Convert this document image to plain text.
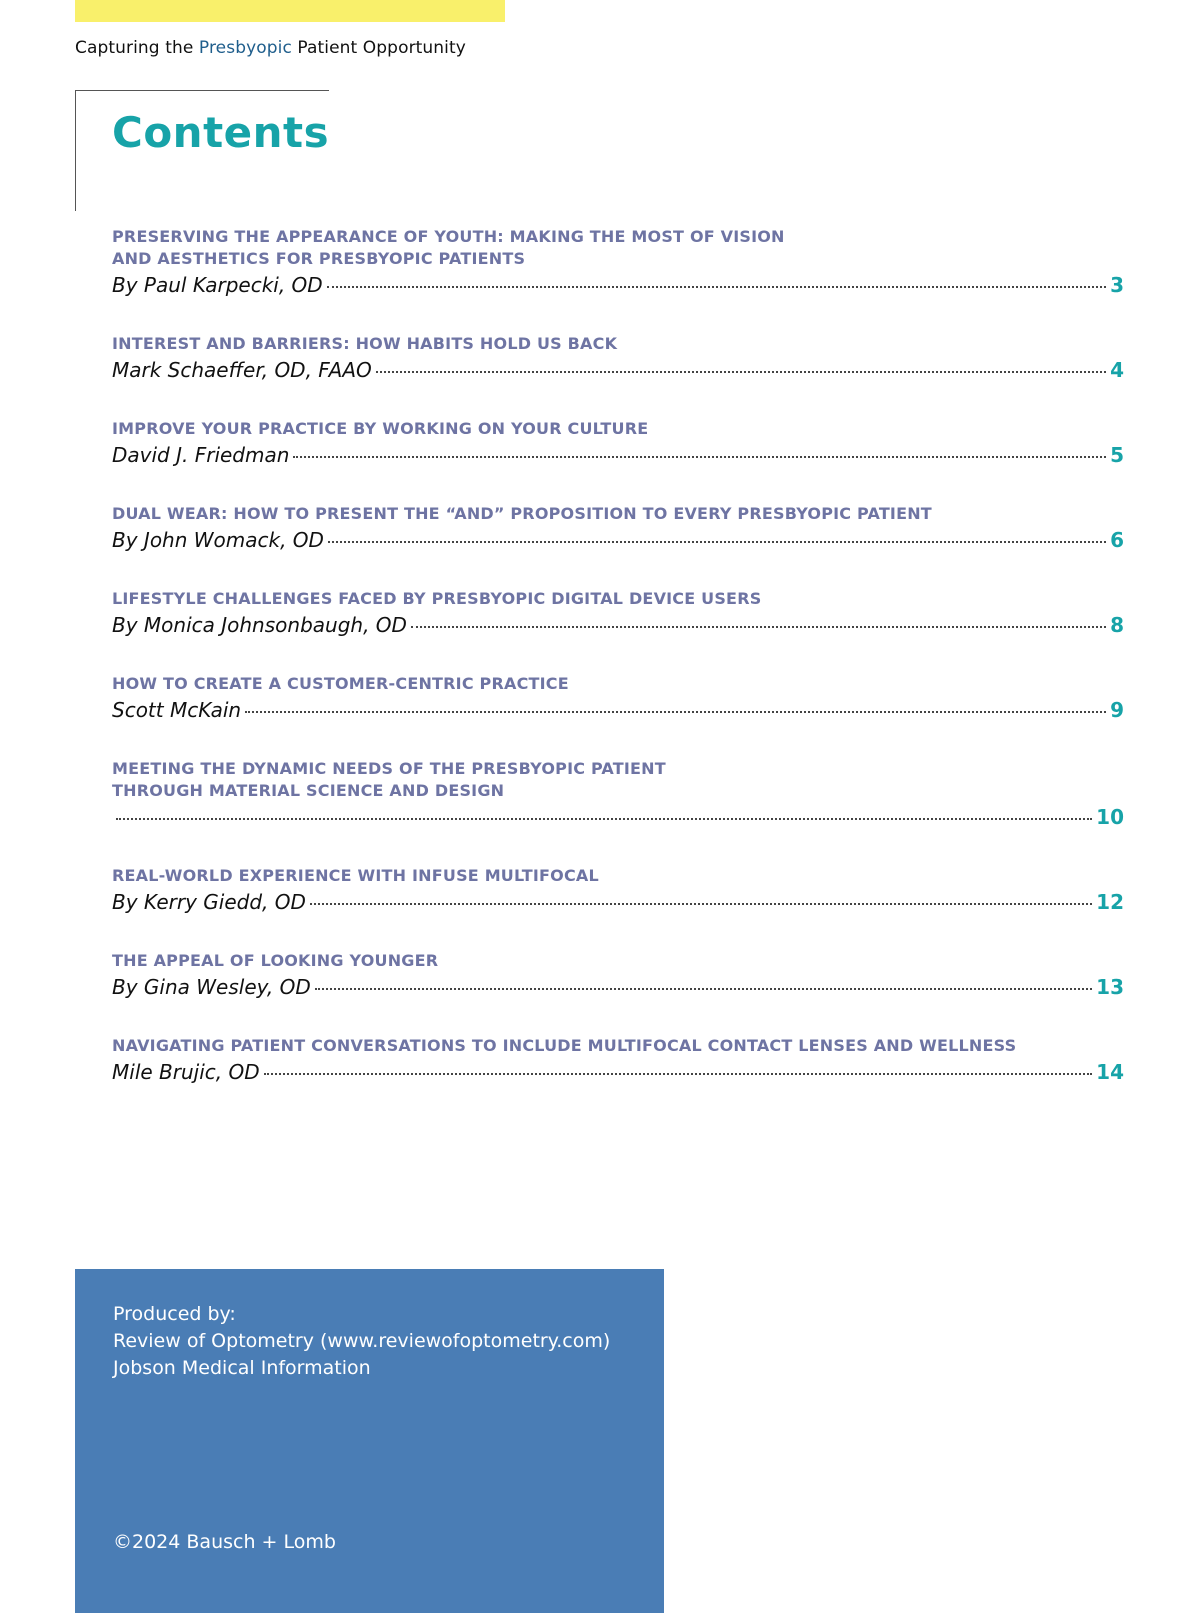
Capturing the Presbyopic Patient Opportunity
Contents
PRESERVING THE APPEARANCE OF YOUTH: MAKING THE MOST OF VISION
AND AESTHETICS FOR PRESBYOPIC PATIENTS
By Paul Karpecki, OD	3
INTEREST AND BARRIERS: HOW HABITS HOLD US BACK
Mark Schaeffer, OD, FAAO	4
IMPROVE YOUR PRACTICE BY WORKING ON YOUR CULTURE
David J. Friedman	5
DUAL WEAR: HOW TO PRESENT THE “AND” PROPOSITION TO EVERY PRESBYOPIC PATIENT
By John Womack, OD	6
LIFESTYLE CHALLENGES FACED BY PRESBYOPIC DIGITAL DEVICE USERS
By Monica Johnsonbaugh, OD	8
HOW TO CREATE A CUSTOMER-CENTRIC PRACTICE
Scott McKain	9
MEETING THE DYNAMIC NEEDS OF THE PRESBYOPIC PATIENT
THROUGH MATERIAL SCIENCE AND DESIGN
10
REAL-WORLD EXPERIENCE WITH INFUSE MULTIFOCAL
By Kerry Giedd, OD	12
THE APPEAL OF LOOKING YOUNGER
By Gina Wesley, OD	13
NAVIGATING PATIENT CONVERSATIONS TO INCLUDE MULTIFOCAL CONTACT LENSES AND WELLNESS
Mile Brujic, OD	14
Produced by:
Review of Optometry (www.reviewofoptometry.com)
Jobson Medical Information
©2024 Bausch + Lomb
